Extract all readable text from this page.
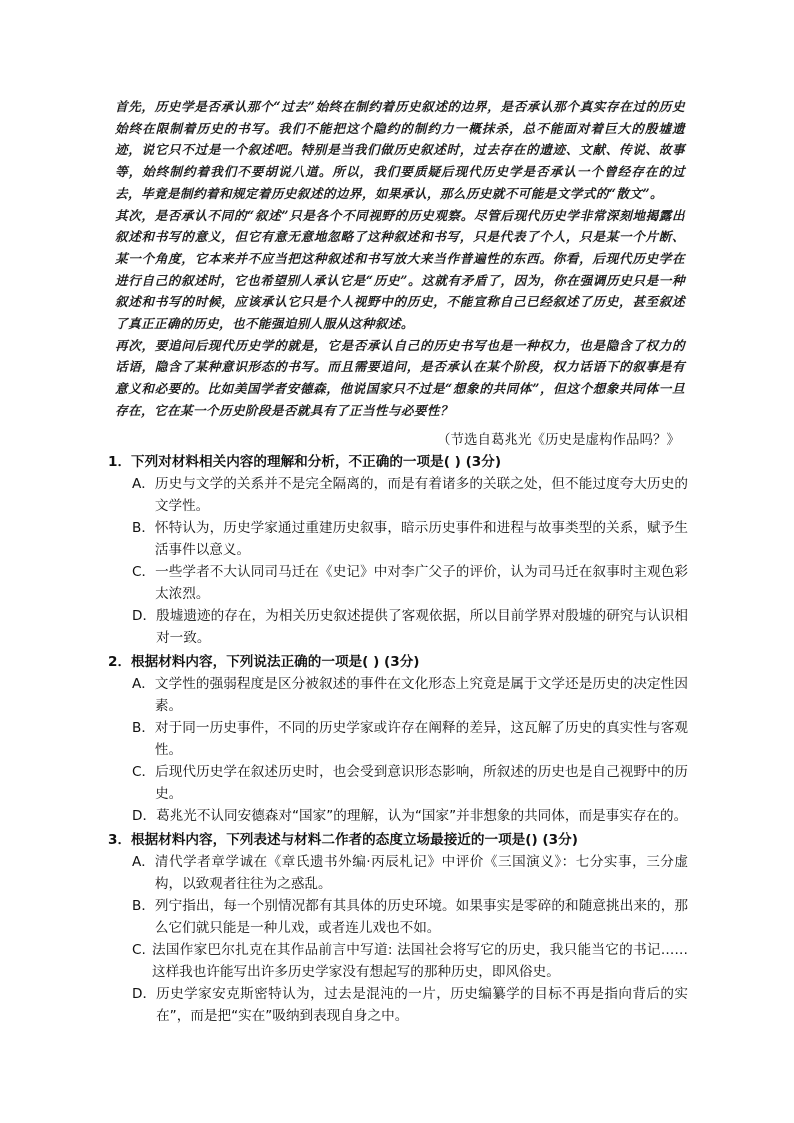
首先，历史学是否承认那个“过去”始终在制约着历史叙述的边界，是否承认那个真实存在过的历史始终在限制着历史的书写。我们不能把这个隐约的制约力一概抹杀，总不能面对着巨大的殷墟遗迹，说它只不过是一个叙述吧。特别是当我们做历史叙述时，过去存在的遗迹、文献、传说、故事等，始终制约着我们不要胡说八道。所以，我们要质疑后现代历史学是否承认一个曾经存在的过去，毕竟是制约着和规定着历史叙述的边界，如果承认，那么历史就不可能是文学式的“散文”。

其次，是否承认不同的“叙述”只是各个不同视野的历史观察。尽管后现代历史学非常深刻地揭露出叙述和书写的意义，但它有意无意地忽略了这种叙述和书写，只是代表了个人，只是某一个片断、某一个角度，它本来并不应当把这种叙述和书写放大来当作普遍性的东西。你看，后现代历史学在进行自己的叙述时，它也希望别人承认它是“历史”。这就有矛盾了，因为，你在强调历史只是一种叙述和书写的时候，应该承认它只是个人视野中的历史，不能宣称自己已经叙述了历史，甚至叙述了真正正确的历史，也不能强迫别人服从这种叙述。

再次，要追问后现代历史学的就是，它是否承认自己的历史书写也是一种权力，也是隐含了权力的话语，隐含了某种意识形态的书写。而且需要追问，是否承认在某个阶段，权力话语下的叙事是有意义和必要的。比如美国学者安德森，他说国家只不过是“想象的共同体”，但这个想象共同体一旦存在，它在某一个历史阶段是否就具有了正当性与必要性？

（节选自葛兆光《历史是虚构作品吗？》

1．下列对材料相关内容的理解和分析，不正确的一项是( ) (3分)

A． 历史与文学的关系并不是完全隔离的，而是有着诸多的关联之处，但不能过度夸大历史的文学性。
B． 怀特认为，历史学家通过重建历史叙事，暗示历史事件和进程与故事类型的关系，赋予生活事件以意义。
C． 一些学者不大认同司马迁在《史记》中对李广父子的评价，认为司马迁在叙事时主观色彩太浓烈。
D． 殷墟遗迹的存在，为相关历史叙述提供了客观依据，所以目前学界对殷墟的研究与认识相对一致。

2．根据材料内容，下列说法正确的一项是( ) (3分)

A． 文学性的强弱程度是区分被叙述的事件在文化形态上究竟是属于文学还是历史的决定性因素。
B． 对于同一历史事件，不同的历史学家或许存在阐释的差异，这瓦解了历史的真实性与客观性。
C． 后现代历史学在叙述历史时，也会受到意识形态影响，所叙述的历史也是自己视野中的历史。
D． 葛兆光不认同安德森对“国家”的理解，认为“国家”并非想象的共同体，而是事实存在的。

3．根据材料内容，下列表述与材料二作者的态度立场最接近的一项是() (3分)

A． 清代学者章学诚在《章氏遗书外编·丙辰札记》中评价《三国演义》：七分实事，三分虚构，以致观者往往为之惑乱。
B． 列宁指出，每一个别情况都有其具体的历史环境。如果事实是零碎的和随意挑出来的，那么它们就只能是一种儿戏，或者连儿戏也不如。
C. 法国作家巴尔扎克在其作品前言中写道: 法国社会将写它的历史，我只能当它的书记……这样我也许能写出许多历史学家没有想起写的那种历史，即风俗史。
D． 历史学家安克斯密特认为，过去是混沌的一片，历史编纂学的目标不再是指向背后的实在”，而是把“实在”吸纳到表现自身之中。
